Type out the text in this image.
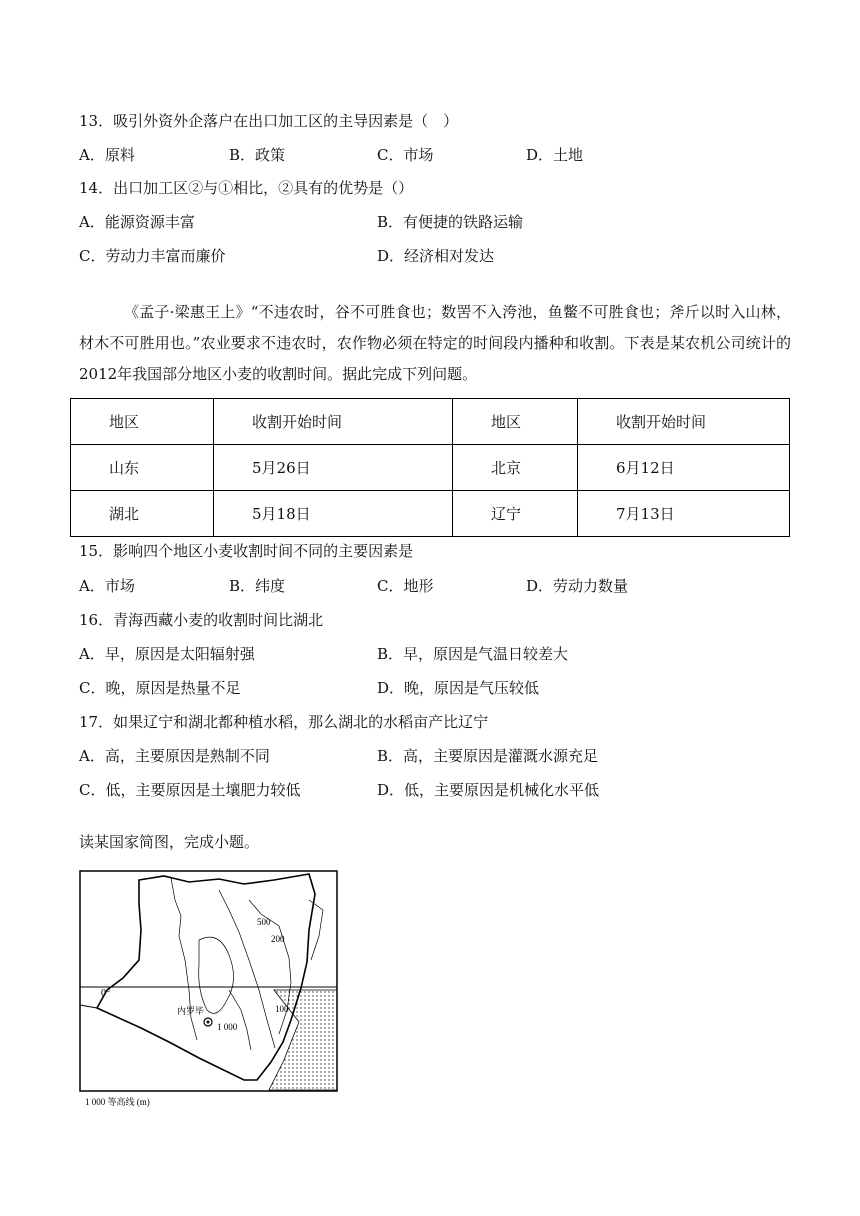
13．吸引外资外企落户在出口加工区的主导因素是（　）
A．原料	B．政策	C．市场	D．土地
14．出口加工区②与①相比，②具有的优势是（）
A．能源资源丰富	B．有便捷的铁路运输
C．劳动力丰富而廉价	D．经济相对发达
《孟子·梁惠王上》“不违农时，谷不可胜食也；数罟不入洿池，鱼鳖不可胜食也；斧斤以时入山林，材木不可胜用也。”农业要求不违农时，农作物必须在特定的时间段内播种和收割。下表是某农机公司统计的2012年我国部分地区小麦的收割时间。据此完成下列问题。
地区	收割开始时间	地区	收割开始时间
山东	5月26日	北京	6月12日
湖北	5月18日	辽宁	7月13日
15．影响四个地区小麦收割时间不同的主要因素是
A．市场	B．纬度	C．地形	D．劳动力数量
16．青海西藏小麦的收割时间比湖北
A．早，原因是太阳辐射强	B．早，原因是气温日较差大
C．晚，原因是热量不足	D．晚，原因是气压较低
17．如果辽宁和湖北都种植水稻，那么湖北的水稻亩产比辽宁
A．高，主要原因是熟制不同	B．高，主要原因是灌溉水源充足
C．低，主要原因是土壤肥力较低	D．低，主要原因是机械化水平低
读某国家简图，完成小题。
0°
500
200
1 000
100
内罗毕
1 000 等高线 (m)
